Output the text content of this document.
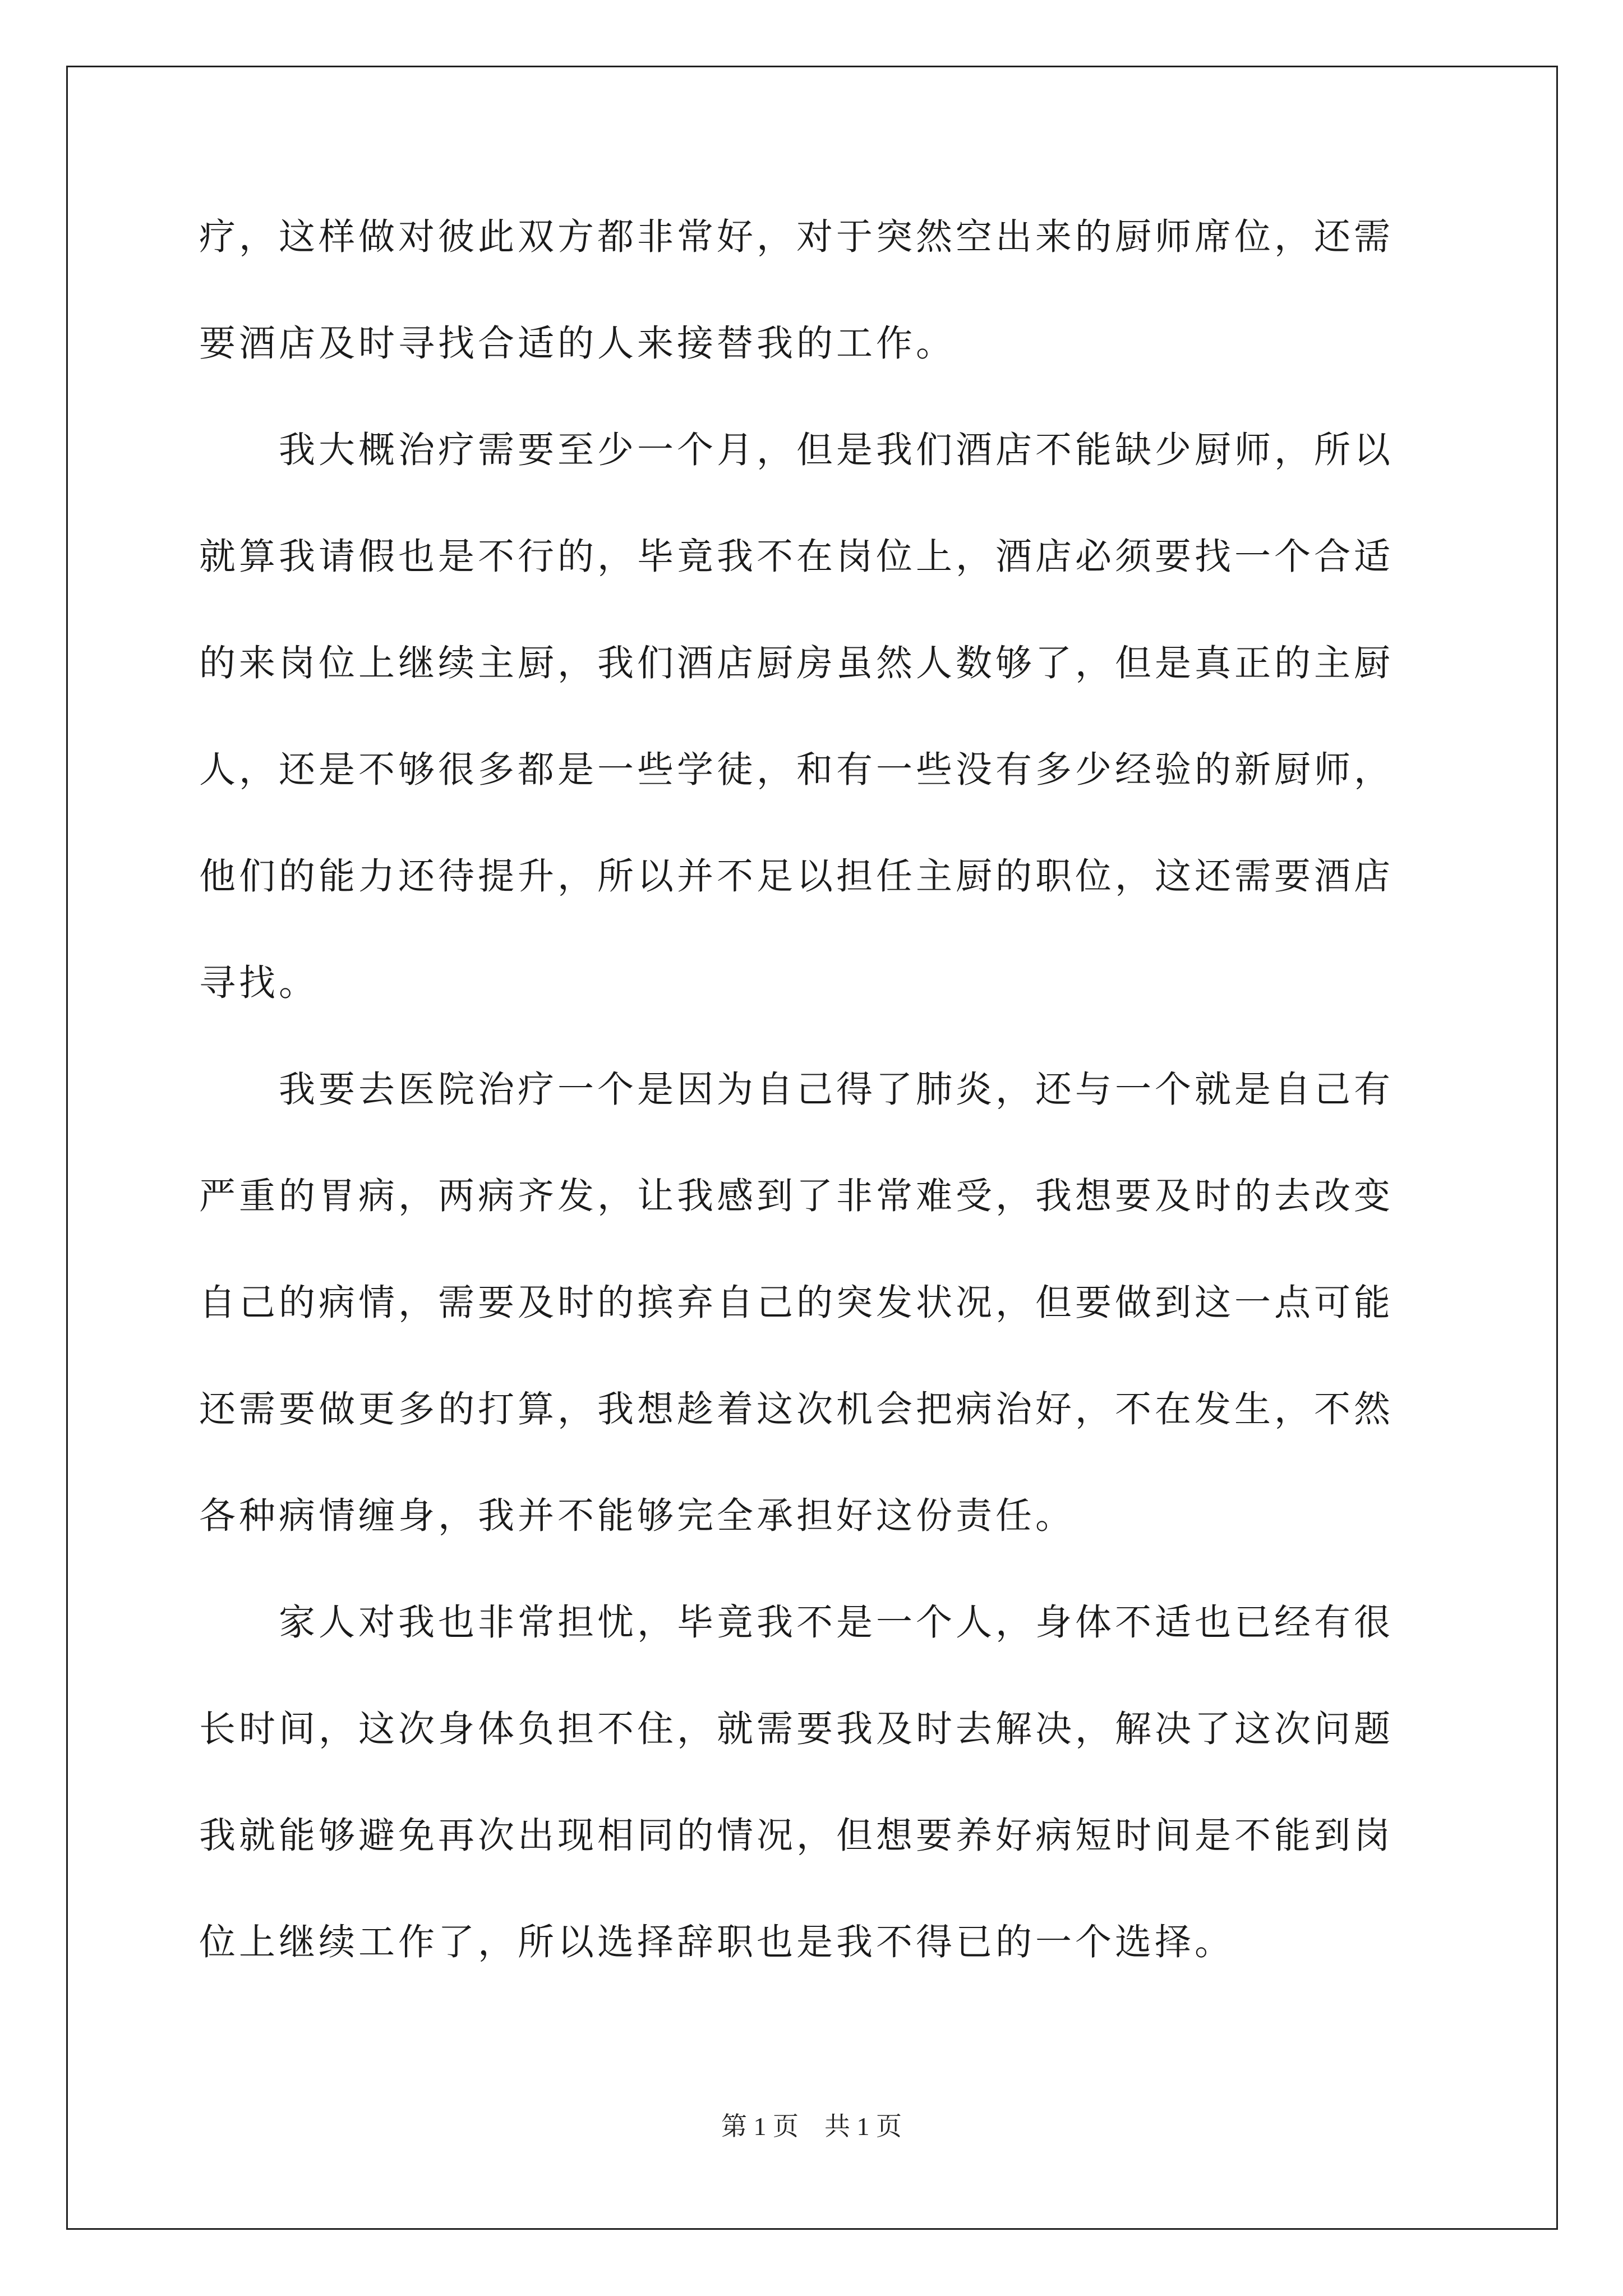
疗，这样做对彼此双方都非常好，对于突然空出来的厨师席位，还需
要酒店及时寻找合适的人来接替我的工作。
　　我大概治疗需要至少一个月，但是我们酒店不能缺少厨师，所以
就算我请假也是不行的，毕竟我不在岗位上，酒店必须要找一个合适
的来岗位上继续主厨，我们酒店厨房虽然人数够了，但是真正的主厨
人，还是不够很多都是一些学徒，和有一些没有多少经验的新厨师，
他们的能力还待提升，所以并不足以担任主厨的职位，这还需要酒店
寻找。
　　我要去医院治疗一个是因为自己得了肺炎，还与一个就是自己有
严重的胃病，两病齐发，让我感到了非常难受，我想要及时的去改变
自己的病情，需要及时的摈弃自己的突发状况，但要做到这一点可能
还需要做更多的打算，我想趁着这次机会把病治好，不在发生，不然
各种病情缠身，我并不能够完全承担好这份责任。
　　家人对我也非常担忧，毕竟我不是一个人，身体不适也已经有很
长时间，这次身体负担不住，就需要我及时去解决，解决了这次问题
我就能够避免再次出现相同的情况，但想要养好病短时间是不能到岗
位上继续工作了，所以选择辞职也是我不得已的一个选择。
第 1 页　共 1 页
